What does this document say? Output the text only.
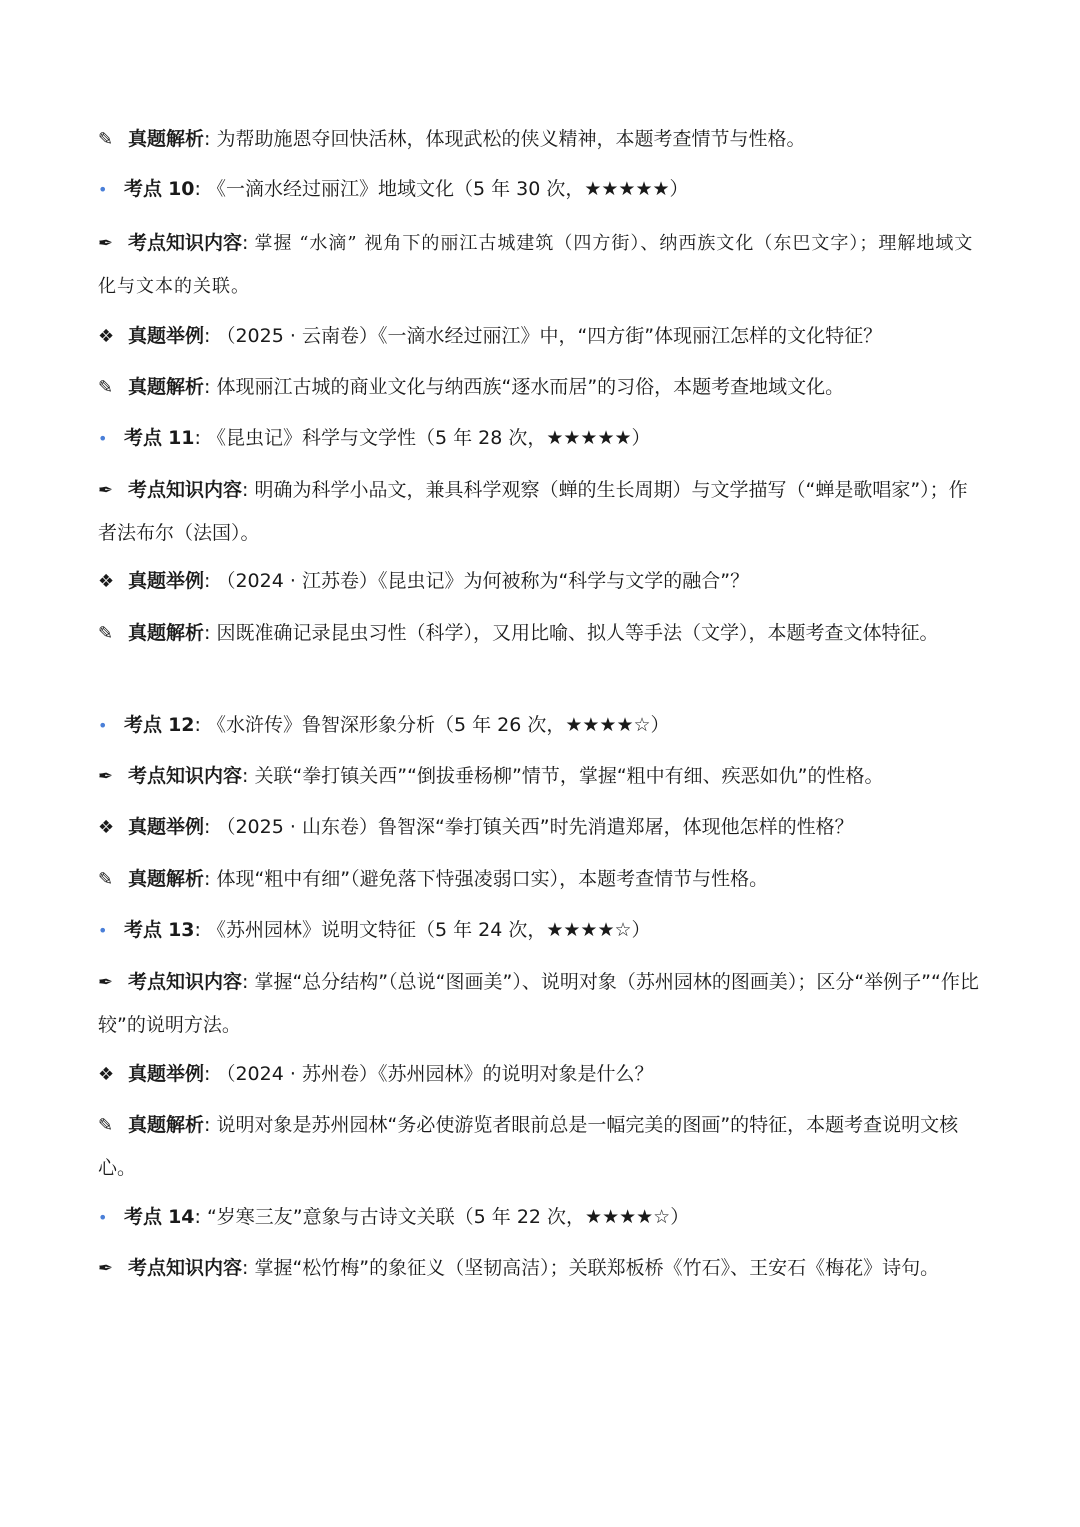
✎ 真题解析: 为帮助施恩夺回快活林，体现武松的侠义精神，本题考查情节与性格。
• 考点 10: 《一滴水经过丽江》地域文化（5 年 30 次，★★★★★）
✒ 考点知识内容: 掌握 “水滴” 视角下的丽江古城建筑（四方街）、纳西族文化（东巴文字）；理解地域文化与文本的关联。
❖ 真题举例: （2025 · 云南卷）《一滴水经过丽江》中，“四方街”体现丽江怎样的文化特征？
✎ 真题解析: 体现丽江古城的商业文化与纳西族“逐水而居”的习俗，本题考查地域文化。
• 考点 11: 《昆虫记》科学与文学性（5 年 28 次，★★★★★）
✒ 考点知识内容: 明确为科学小品文，兼具科学观察（蝉的生长周期）与文学描写（“蝉是歌唱家”）；作者法布尔（法国）。
❖ 真题举例: （2024 · 江苏卷）《昆虫记》为何被称为“科学与文学的融合”？
✎ 真题解析: 因既准确记录昆虫习性（科学），又用比喻、拟人等手法（文学），本题考查文体特征。
• 考点 12: 《水浒传》鲁智深形象分析（5 年 26 次，★★★★☆）
✒ 考点知识内容: 关联“拳打镇关西”“倒拔垂杨柳”情节，掌握“粗中有细、疾恶如仇”的性格。
❖ 真题举例: （2025 · 山东卷）鲁智深“拳打镇关西”时先消遣郑屠，体现他怎样的性格？
✎ 真题解析: 体现“粗中有细”（避免落下恃强凌弱口实），本题考查情节与性格。
• 考点 13: 《苏州园林》说明文特征（5 年 24 次，★★★★☆）
✒ 考点知识内容: 掌握“总分结构”（总说“图画美”）、说明对象（苏州园林的图画美）；区分“举例子”“作比较”的说明方法。
❖ 真题举例: （2024 · 苏州卷）《苏州园林》的说明对象是什么？
✎ 真题解析: 说明对象是苏州园林“务必使游览者眼前总是一幅完美的图画”的特征，本题考查说明文核心。
• 考点 14: “岁寒三友”意象与古诗文关联（5 年 22 次，★★★★☆）
✒ 考点知识内容: 掌握“松竹梅”的象征义（坚韧高洁）；关联郑板桥《竹石》、王安石《梅花》诗句。
